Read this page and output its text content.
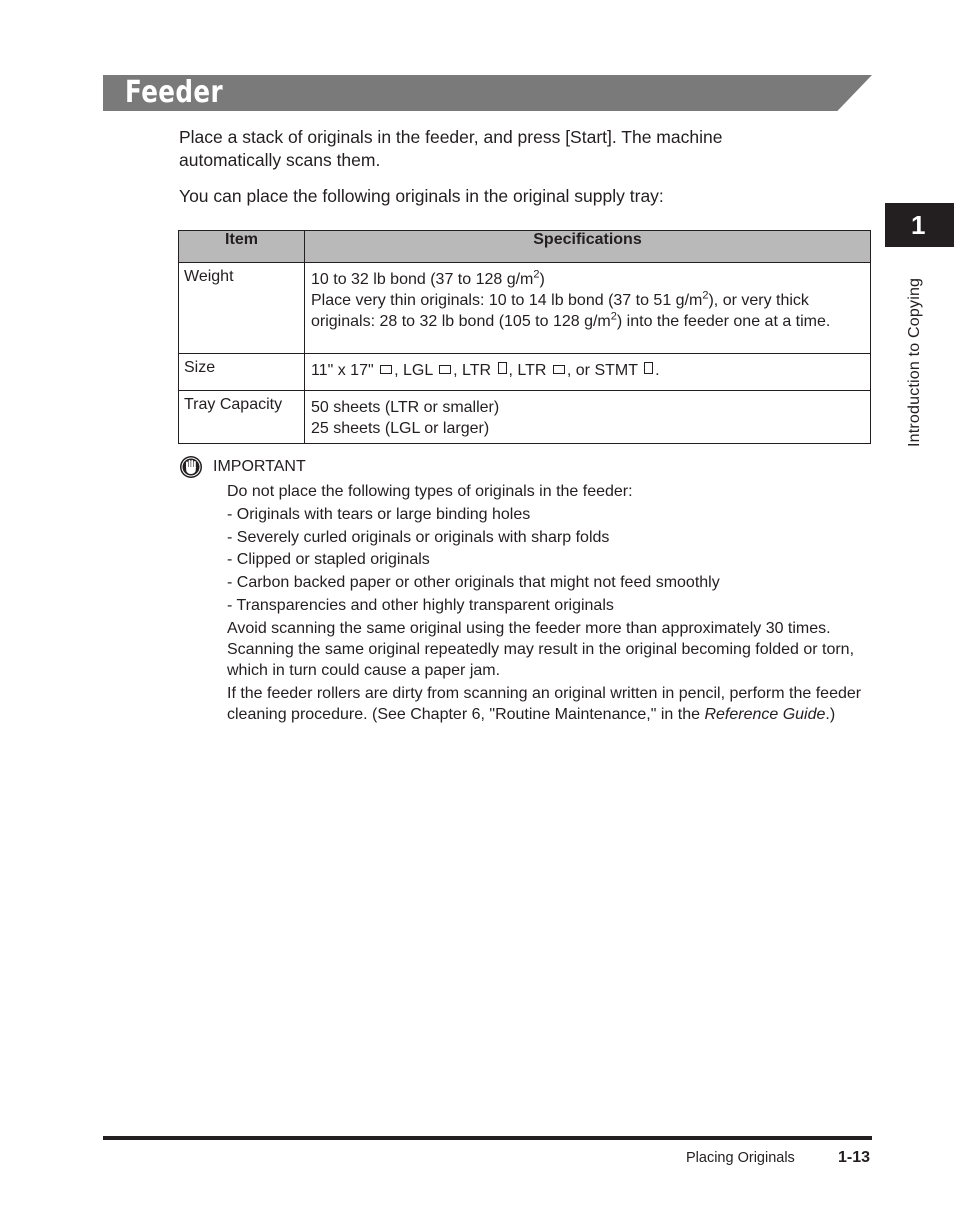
Feeder

Place a stack of originals in the feeder, and press [Start]. The machine automatically scans them.

You can place the following originals in the original supply tray:

Item	Specifications
Weight	10 to 32 lb bond (37 to 128 $g/m^2$)
Place very thin originals: 10 to 14 lb bond (37 to 51 $g/m^2$), or very thick
originals: 28 to 32 lb bond (105 to 128 $g/m^2$) into the feeder one at a time.

Size	11" x 17" , LGL , LTR , LTR , or STMT .
Tray Capacity	50 sheets (LTR or smaller)
25 sheets (LGL or larger)
IMPORTANT

Do not place the following types of originals in the feeder:

- Originals with tears or large binding holes

- Severely curled originals or originals with sharp folds

- Clipped or stapled originals

- Carbon backed paper or other originals that might not feed smoothly

- Transparencies and other highly transparent originals

Avoid scanning the same original using the feeder more than approximately 30 times. Scanning the same original repeatedly may result in the original becoming folded or torn, which in turn could cause a paper jam.

If the feeder rollers are dirty from scanning an original written in pencil, perform the feeder cleaning procedure. (See Chapter 6, "Routine Maintenance," in the Reference Guide.)

1
Introduction to Copying
Placing Originals	1-13
